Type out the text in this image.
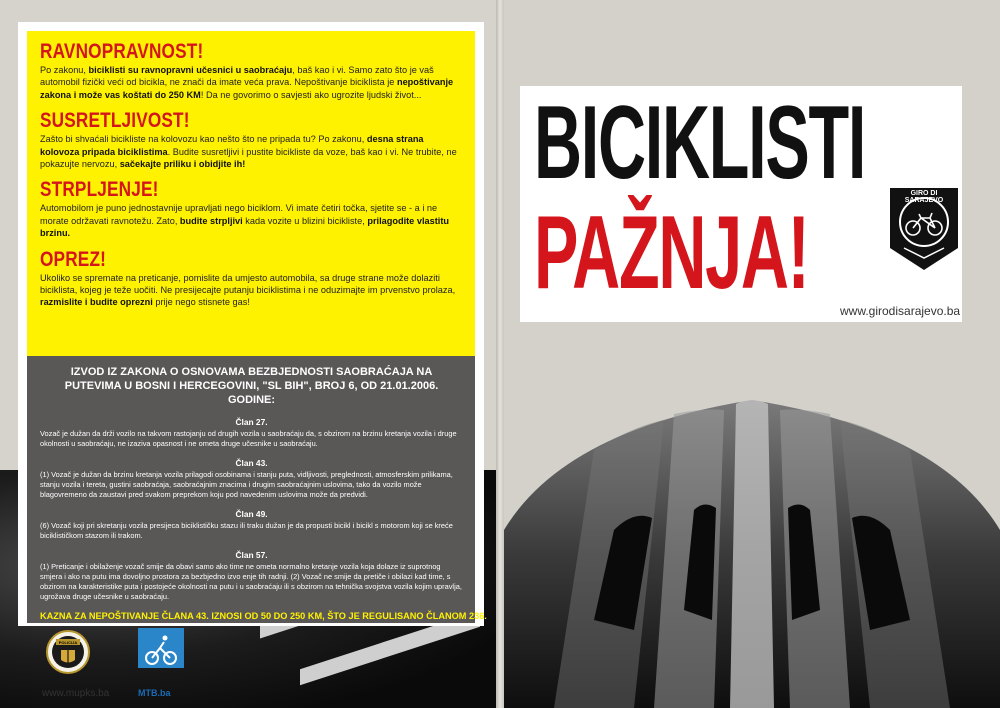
RAVNOPRAVNOST!

Po zakonu, biciklisti su ravnopravni učesnici u saobraćaju, baš kao i vi. Samo zato što je vaš automobil fizički veći od bicikla, ne znači da imate veća prava. Nepoštivanje biciklista je nepoštivanje zakona i može vas koštati do 250 KM! Da ne govorimo o savjesti ako ugrozite ljudski život...

SUSRETLJIVOST!

Zašto bi shvaćali bicikliste na kolovozu kao nešto što ne pripada tu? Po zakonu, desna strana kolovoza pripada biciklistima. Budite susretljivi i pustite bicikliste da voze, baš kao i vi. Ne trubite, ne pokazujte nervozu, sačekajte priliku i obidjite ih!

STRPLJENJE!

Automobilom je puno jednostavnije upravljati nego biciklom. Vi imate četiri točka, sjetite se - a i ne morate održavati ravnotežu. Zato, budite strpljivi kada vozite u blizini bicikliste, prilagodite vlastitu brzinu.

OPREZ!

Ukoliko se spremate na preticanje, pomislite da umjesto automobila, sa druge strane može dolaziti biciklista, kojeg je teže uočiti. Ne presijecajte putanju biciklistima i ne oduzimajte im prvenstvo prolaza, razmislite i budite oprezni prije nego stisnete gas!

IZVOD IZ ZAKONA O OSNOVAMA BEZBJEDNOSTI SAOBRAĆAJA NA PUTEVIMA U BOSNI I HERCEGOVINI, "SL BIH", BROJ 6, OD 21.01.2006. GODINE:
Član 27.
Vozač je dužan da drži vozilo na takvom rastojanju od drugih vozila u saobraćaju da, s obzirom na brzinu kretanja vozila i druge okolnosti u saobraćaju, ne izaziva opasnost i ne ometa druge učesnike u saobraćaju.
Član 43.
(1) Vozač je dužan da brzinu kretanja vozila prilagodi osobinama i stanju puta, vidljivosti, preglednosti, atmosferskim prilikama, stanju vozila i tereta, gustini saobraćaja, saobraćajnim znacima i drugim saobraćajnim uslovima, tako da vozilo može blagovremeno da zaustavi pred svakom preprekom koju pod navedenim uslovima može da predvidi.
Član 49.
(6) Vozač koji pri skretanju vozila presijeca biciklističku stazu ili traku dužan je da propusti bicikl i bicikl s motorom koji se kreće biciklističkom stazom ili trakom.
Član 57.
(1) Preticanje i obilaženje vozač smije da obavi samo ako time ne ometa normalno kretanje vozila koja dolaze iz suprotnog smjera i ako na putu ima dovoljno prostora za bezbjedno izvo enje tih radnji. (2) Vozač ne smije da pretiče i obilazi kad time, s obzirom na karakteristike puta i postojeće okolnosti na putu i u saobraćaju ili s obzirom na tehnička svojstva vozila kojim upravlja, ugrožava druge učesnike u saobraćaju.
KAZNA ZA NEPOŠTIVANJE ČLANA 43. IZNOSI OD 50 DO 250 KM, ŠTO JE REGULISANO ČLANOM 236.
POLICIJA
www.mupks.ba	MTB.ba
BICIKLISTI
PAŽNJA!
GIRO DI SARAJEVO
www.girodisarajevo.ba
